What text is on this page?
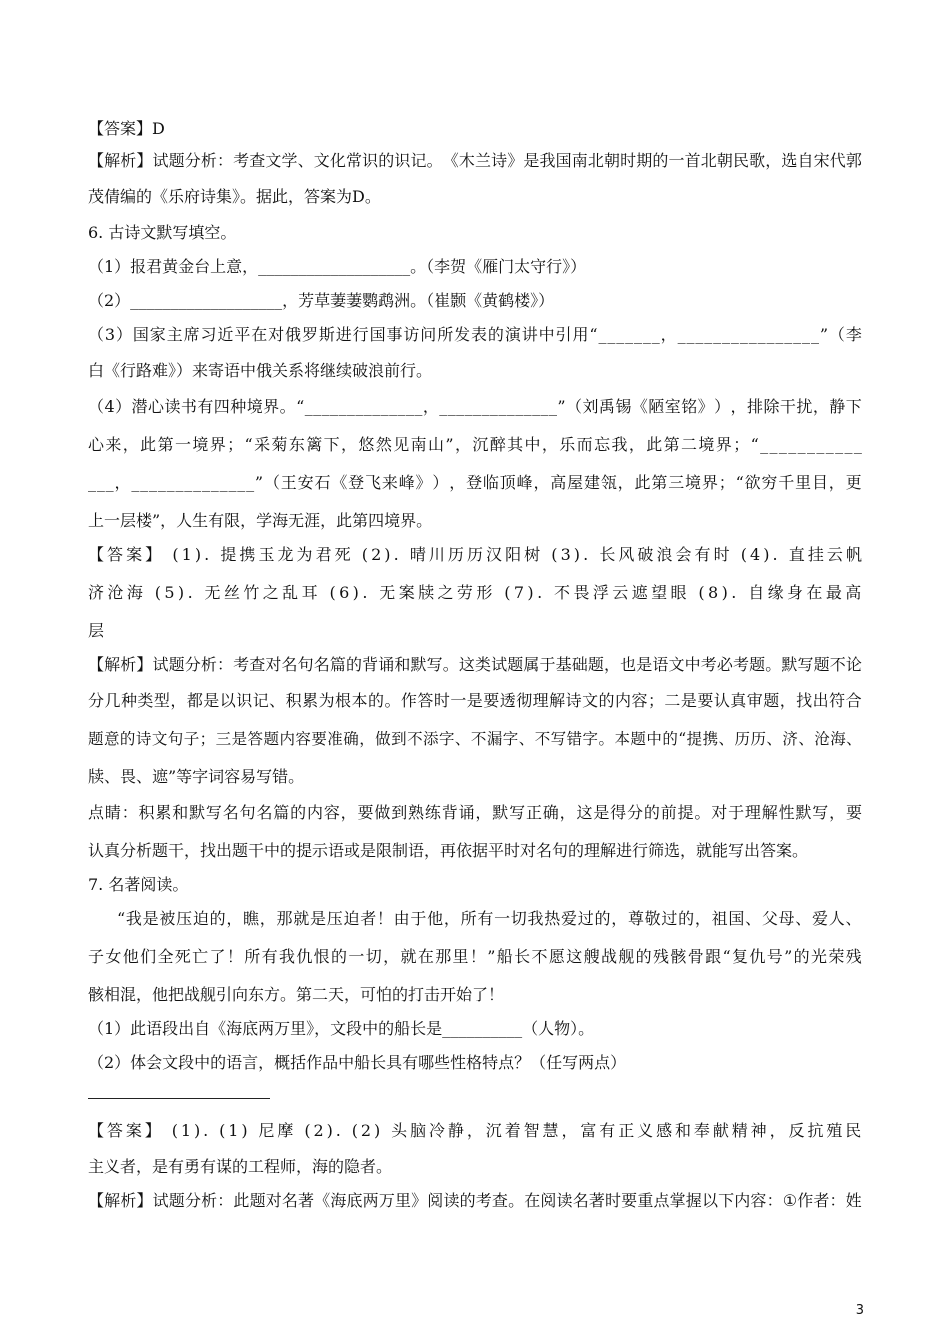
3
【答案】D
【 解 析 】 试 题 分 析 ： 考 查 文 学 、 文 化 常 识 的 识 记 。 《 木 兰 诗 》 是 我 国 南 北 朝 时 期 的 一 首 北 朝 民 歌 ， 选 自 宋 代 郭
茂倩编的《乐府诗集》。据此，答案为D。
6. 古诗文默写填空。
（1）报君黄金台上意，___________________。（李贺《雁门太守行》）
（2）___________________，芳草萋萋鹦鹉洲。（崔颢《黄鹤楼》）
（ 3 ） 国 家 主 席 习 近 平 在 对 俄 罗 斯 进 行 国 事 访 问 所 发 表 的 演 讲 中 引 用 “ _ _ _ _ _ _ _ ， _ _ _ _ _ _ _ _ _ _ _ _ _ _ _ _ ” （ 李
白《行路难》）来寄语中俄关系将继续破浪前行。
（ 4 ） 潜 心 读 书 有 四 种 境 界 。 “ _ _ _ _ _ _ _ _ _ _ _ _ _ _ ， _ _ _ _ _ _ _ _ _ _ _ _ _ _ ” （ 刘 禹 锡 《 陋 室 铭 》 ） ， 排 除 干 扰 ， 静 下
心 来 ， 此 第 一 境 界 ； “ 采 菊 东 篱 下 ， 悠 然 见 南 山 ” ， 沉 醉 其 中 ， 乐 而 忘 我 ， 此 第 二 境 界 ； “ _ _ _ _ _ _ _ _ _ _ _
_ _ _ ， _ _ _ _ _ _ _ _ _ _ _ _ _ _ ” （ 王 安 石 《 登 飞 来 峰 》 ） ， 登 临 顶 峰 ， 高 屋 建 瓴 ， 此 第 三 境 界 ； “ 欲 穷 千 里 目 ， 更
上一层楼”，人生有限，学海无涯，此第四境界。
【 答 案 】
( 1 ) .
提 携 玉 龙 为 君 死
( 2 ) .
晴 川 历 历 汉 阳 树
( 3 ) .
长 风 破 浪 会 有 时
( 4 ) .
直 挂 云 帆
济 沧 海
( 5 ) .
无 丝 竹 之 乱 耳
( 6 ) .
无 案 牍 之 劳 形
( 7 ) .
不 畏 浮 云 遮 望 眼
( 8 ) .
自 缘 身 在 最 高
层
【 解 析 】 试 题 分 析 ： 考 查 对 名 句 名 篇 的 背 诵 和 默 写 。 这 类 试 题 属 于 基 础 题 ， 也 是 语 文 中 考 必 考 题 。 默 写 题 不 论
分 几 种 类 型 ， 都 是 以 识 记 、 积 累 为 根 本 的 。 作 答 时 一 是 要 透 彻 理 解 诗 文 的 内 容 ； 二 是 要 认 真 审 题 ， 找 出 符 合
题 意 的 诗 文 句 子 ； 三 是 答 题 内 容 要 准 确 ， 做 到 不 添 字 、 不 漏 字 、 不 写 错 字 。 本 题 中 的 “ 提 携 、 历 历 、 济 、 沧 海 、
牍、畏、遮”等字词容易写错。
点 睛 ： 积 累 和 默 写 名 句 名 篇 的 内 容 ， 要 做 到 熟 练 背 诵 ， 默 写 正 确 ， 这 是 得 分 的 前 提 。 对 于 理 解 性 默 写 ， 要
认真分析题干，找出题干中的提示语或是限制语，再依据平时对名句的理解进行筛选，就能写出答案。
7. 名著阅读。
“ 我 是 被 压 迫 的 ， 瞧 ， 那 就 是 压 迫 者 ！ 由 于 他 ， 所 有 一 切 我 热 爱 过 的 ， 尊 敬 过 的 ， 祖 国 、 父 母 、 爱 人 、
子 女 他 们 全 死 亡 了 ！ 所 有 我 仇 恨 的 一 切 ， 就 在 那 里 ！ ” 船 长 不 愿 这 艘 战 舰 的 残 骸 骨 跟 “ 复 仇 号 ” 的 光 荣 残
骸相混，他把战舰引向东方。第二天，可怕的打击开始了！
（1）此语段出自《海底两万里》，文段中的船长是__________（人物）。
（2）体会文段中的语言，概括作品中船长具有哪些性格特点？（任写两点）
【 答 案 】
( 1 ) .
( 1 )
尼 摩
( 2 ) .
( 2 )
头 脑 冷 静 ， 沉 着 智 慧 ， 富 有 正 义 感 和 奉 献 精 神 ， 反 抗 殖 民
主义者，是有勇有谋的工程师，海的隐者。
【 解 析 】 试 题 分 析 ： 此 题 对 名 著 《 海 底 两 万 里 》 阅 读 的 考 查 。 在 阅 读 名 著 时 要 重 点 掌 握 以 下 内 容 ： ① 作 者 ： 姓
